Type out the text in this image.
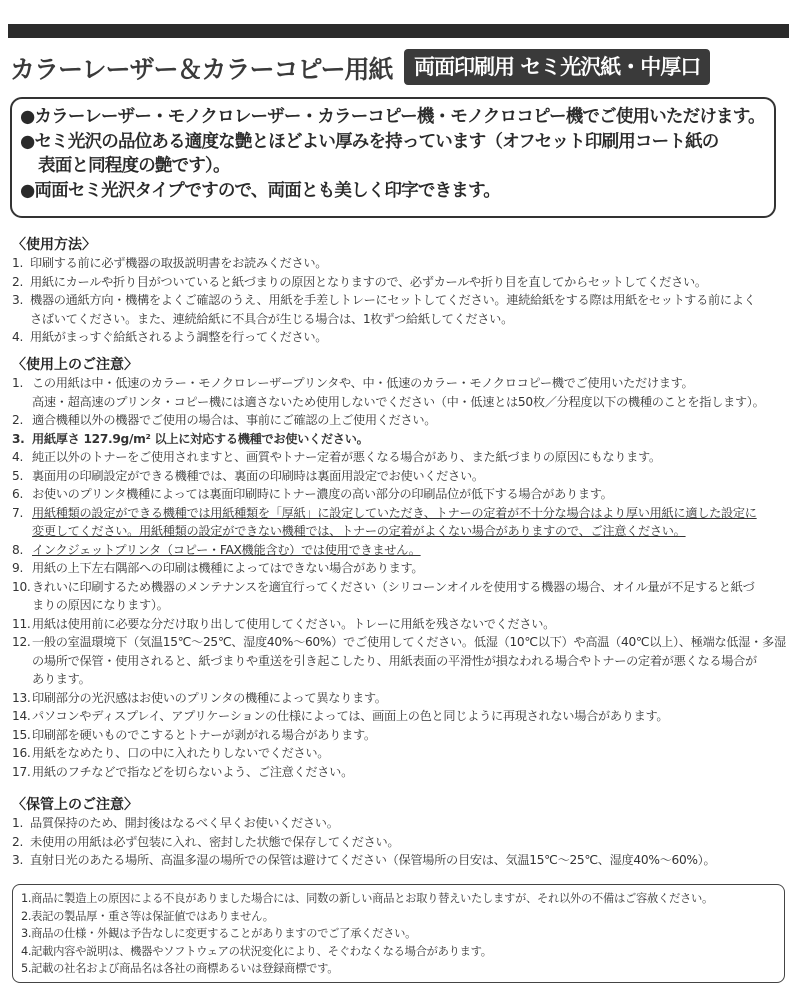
カラーレーザー＆カラーコピー用紙	両面印刷用 セミ光沢紙・中厚口

●カラーレーザー・モノクロレーザー・カラーコピー機・モノクロコピー機でご使用いただけます。

●セミ光沢の品位ある適度な艶とほどよい厚みを持っています（オフセット印刷用コート紙の

表面と同程度の艶です）。

●両面セミ光沢タイプですので、両面とも美しく印字できます。

〈使用方法〉
1. 印刷する前に必ず機器の取扱説明書をお読みください。
2. 用紙にカールや折り目がついていると紙づまりの原因となりますので、必ずカールや折り目を直してからセットしてください。
3. 機器の通紙方向・機構をよくご確認のうえ、用紙を手差しトレーにセットしてください。連続給紙をする際は用紙をセットする前によく
さばいてください。また、連続給紙に不具合が生じる場合は、1枚ずつ給紙してください。
4. 用紙がまっすぐ給紙されるよう調整を行ってください。
〈使用上のご注意〉
1. この用紙は中・低速のカラー・モノクロレーザープリンタや、中・低速のカラー・モノクロコピー機でご使用いただけます。
高速・超高速のプリンタ・コピー機には適さないため使用しないでください（中・低速とは50枚／分程度以下の機種のことを指します）。
2. 適合機種以外の機器でご使用の場合は、事前にご確認の上ご使用ください。
3. 用紙厚さ 127.9g/m² 以上に対応する機種でお使いください。
4. 純正以外のトナーをご使用されますと、画質やトナー定着が悪くなる場合があり、また紙づまりの原因にもなります。
5. 裏面用の印刷設定ができる機種では、裏面の印刷時は裏面用設定でお使いください。
6. お使いのプリンタ機種によっては裏面印刷時にトナー濃度の高い部分の印刷品位が低下する場合があります。
7. 用紙種類の設定ができる機種では用紙種類を「厚紙」に設定していただき、トナーの定着が不十分な場合はより厚い用紙に適した設定に
変更してください。用紙種類の設定ができない機種では、トナーの定着がよくない場合がありますので、ご注意ください。
8. インクジェットプリンタ（コピー・FAX機能含む）では使用できません。
9. 用紙の上下左右隅部への印刷は機種によってはできない場合があります。
10. きれいに印刷するため機器のメンテナンスを適宜行ってください（シリコーンオイルを使用する機器の場合、オイル量が不足すると紙づ
まりの原因になります）。
11. 用紙は使用前に必要な分だけ取り出して使用してください。トレーに用紙を残さないでください。
12. 一般の室温環境下（気温15℃〜25℃、湿度40%〜60%）でご使用してください。低湿（10℃以下）や高温（40℃以上）、極端な低湿・多湿
の場所で保管・使用されると、紙づまりや重送を引き起こしたり、用紙表面の平滑性が損なわれる場合やトナーの定着が悪くなる場合が
あります。
13. 印刷部分の光沢感はお使いのプリンタの機種によって異なります。
14. パソコンやディスプレイ、アプリケーションの仕様によっては、画面上の色と同じように再現されない場合があります。
15. 印刷部を硬いものでこするとトナーが剥がれる場合があります。
16. 用紙をなめたり、口の中に入れたりしないでください。
17. 用紙のフチなどで指などを切らないよう、ご注意ください。
〈保管上のご注意〉
1. 品質保持のため、開封後はなるべく早くお使いください。
2. 未使用の用紙は必ず包装に入れ、密封した状態で保存してください。
3. 直射日光のあたる場所、高温多湿の場所での保管は避けてください（保管場所の目安は、気温15℃〜25℃、湿度40%〜60%）。

1.商品に製造上の原因による不良がありました場合には、同数の新しい商品とお取り替えいたしますが、それ以外の不備はご容赦ください。

2.表記の製品厚・重さ等は保証値ではありません。

3.商品の仕様・外観は予告なしに変更することがありますのでご了承ください。

4.記載内容や説明は、機器やソフトウェアの状況変化により、そぐわなくなる場合があります。

5.記載の社名および商品名は各社の商標あるいは登録商標です。
